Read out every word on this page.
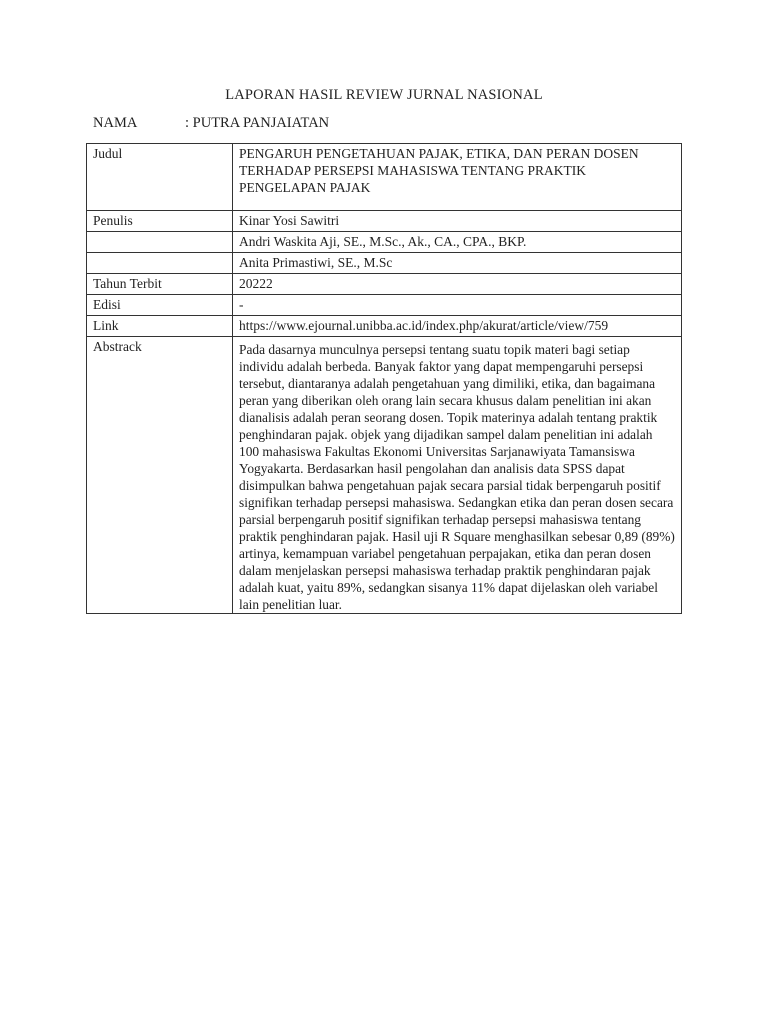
LAPORAN HASIL REVIEW JURNAL NASIONAL
NAMA	: PUTRA PANJAIATAN
Judul	PENGARUH PENGETAHUAN PAJAK, ETIKA, DAN PERAN DOSEN TERHADAP PERSEPSI MAHASISWA TENTANG PRAKTIK PENGELAPAN PAJAK
Penulis	Kinar Yosi Sawitri
	Andri Waskita Aji, SE., M.Sc., Ak., CA., CPA., BKP.
	Anita Primastiwi, SE., M.Sc
Tahun Terbit	20222
Edisi	-
Link	https://www.ejournal.unibba.ac.id/index.php/akurat/article/view/759
Abstrack	Pada dasarnya munculnya persepsi tentang suatu topik materi bagi setiap individu adalah berbeda. Banyak faktor yang dapat mempengaruhi persepsi tersebut, diantaranya adalah pengetahuan yang dimiliki, etika, dan bagaimana peran yang diberikan oleh orang lain secara khusus dalam penelitian ini akan dianalisis adalah peran seorang dosen. Topik materinya adalah tentang praktik penghindaran pajak. objek yang dijadikan sampel dalam penelitian ini adalah 100 mahasiswa Fakultas Ekonomi Universitas Sarjanawiyata Tamansiswa Yogyakarta. Berdasarkan hasil pengolahan dan analisis data SPSS dapat disimpulkan bahwa pengetahuan pajak secara parsial tidak berpengaruh positif signifikan terhadap persepsi mahasiswa. Sedangkan etika dan peran dosen secara parsial berpengaruh positif signifikan terhadap persepsi mahasiswa tentang praktik penghindaran pajak. Hasil uji R Square menghasilkan sebesar 0,89 (89%) artinya, kemampuan variabel pengetahuan perpajakan, etika dan peran dosen dalam menjelaskan persepsi mahasiswa terhadap praktik penghindaran pajak adalah kuat, yaitu 89%, sedangkan sisanya 11% dapat dijelaskan oleh variabel lain penelitian luar.
